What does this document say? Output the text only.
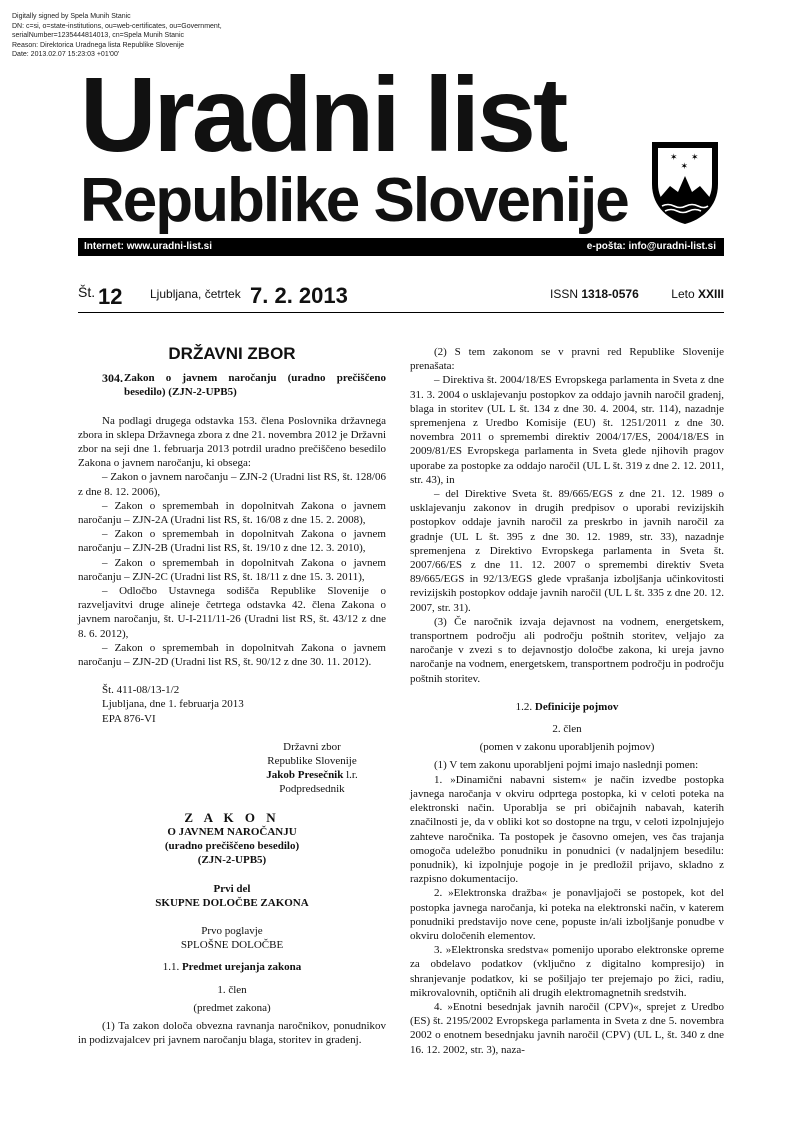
Digitally signed by Spela Munih Stanic
DN: c=si, o=state-institutions, ou=web-certificates, ou=Government,
serialNumber=1235444814013, cn=Spela Munih Stanic
Reason: Direktorica Uradnega lista Republike Slovenije
Date: 2013.02.07 15:23:03 +01'00'
Uradni list
Republike Slovenije
✶ ✶
✶
Internet: www.uradni-list.si	e-pošta: info@uradni-list.si
Št. 12 Ljubljana, četrtek 7. 2. 2013	ISSN 1318-0576	Leto XXIII
DRŽAVNI ZBOR
304. Zakon o javnem naročanju (uradno prečiščeno besedilo) (ZJN-2-UPB5)

Na podlagi drugega odstavka 153. člena Poslovnika državnega zbora in sklepa Državnega zbora z dne 21. novembra 2012 je Državni zbor na seji dne 1. februarja 2013 potrdil uradno prečiščeno besedilo Zakona o javnem naročanju, ki obsega:

– Zakon o javnem naročanju – ZJN-2 (Uradni list RS, št. 128/06 z dne 8. 12. 2006),

– Zakon o spremembah in dopolnitvah Zakona o javnem naročanju – ZJN-2A (Uradni list RS, št. 16/08 z dne 15. 2. 2008),

– Zakon o spremembah in dopolnitvah Zakona o javnem naročanju – ZJN-2B (Uradni list RS, št. 19/10 z dne 12. 3. 2010),

– Zakon o spremembah in dopolnitvah Zakona o javnem naročanju – ZJN-2C (Uradni list RS, št. 18/11 z dne 15. 3. 2011),

– Odločbo Ustavnega sodišča Republike Slovenije o razveljavitvi druge alineje četrtega odstavka 42. člena Zakona o javnem naročanju, št. U-I-211/11-26 (Uradni list RS, št. 43/12 z dne 8. 6. 2012),

– Zakon o spremembah in dopolnitvah Zakona o javnem naročanju – ZJN-2D (Uradni list RS, št. 90/12 z dne 30. 11. 2012).

Št. 411-08/13-1/2

Ljubljana, dne 1. februarja 2013

EPA 876-VI

Državni zbor

Republike Slovenije

Jakob Presečnik l.r.

Podpredsednik

Z A K O N

O JAVNEM NAROČANJU

(uradno prečiščeno besedilo)

(ZJN-2-UPB5)

Prvi del

SKUPNE DOLOČBE ZAKONA

Prvo poglavje

SPLOŠNE DOLOČBE

1.1. Predmet urejanja zakona

1. člen

(predmet zakona)

(1) Ta zakon določa obvezna ravnanja naročnikov, ponudnikov in podizvajalcev pri javnem naročanju blaga, storitev in gradenj.

(2) S tem zakonom se v pravni red Republike Slovenije prenašata:

– Direktiva št. 2004/18/ES Evropskega parlamenta in Sveta z dne 31. 3. 2004 o usklajevanju postopkov za oddajo javnih naročil gradenj, blaga in storitev (UL L št. 134 z dne 30. 4. 2004, str. 114), nazadnje spremenjena z Uredbo Komisije (EU) št. 1251/2011 z dne 30. novembra 2011 o spremembi direktiv 2004/17/ES, 2004/18/ES in 2009/81/ES Evropskega parlamenta in Sveta glede njihovih pragov uporabe za postopke za oddajo naročil (UL L št. 319 z dne 2. 12. 2011, str. 43), in

– del Direktive Sveta št. 89/665/EGS z dne 21. 12. 1989 o usklajevanju zakonov in drugih predpisov o uporabi revizijskih postopkov oddaje javnih naročil za preskrbo in javnih naročil za gradnje (UL L št. 395 z dne 30. 12. 1989, str. 33), nazadnje spremenjena z Direktivo Evropskega parlamenta in Sveta št. 2007/66/ES z dne 11. 12. 2007 o spremembi direktiv Sveta 89/665/EGS in 92/13/EGS glede vprašanja izboljšanja učinkovitosti revizijskih postopkov oddaje javnih naročil (UL L št. 335 z dne 20. 12. 2007, str. 31).

(3) Če naročnik izvaja dejavnost na vodnem, energetskem, transportnem področju ali področju poštnih storitev, veljajo za naročanje v zvezi s to dejavnostjo določbe zakona, ki ureja javno naročanje na vodnem, energetskem, transportnem področju in področju poštnih storitev.

1.2. Definicije pojmov

2. člen

(pomen v zakonu uporabljenih pojmov)

(1) V tem zakonu uporabljeni pojmi imajo naslednji pomen:

1. »Dinamični nabavni sistem« je način izvedbe postopka javnega naročanja v okviru odprtega postopka, ki v celoti poteka na elektronski način. Uporablja se pri običajnih nabavah, katerih značilnosti je, da v obliki kot so dostopne na trgu, v celoti izpolnjujejo zahteve naročnika. Ta postopek je časovno omejen, ves čas trajanja omogoča udeležbo ponudniku in ponudnici (v nadaljnjem besedilu: ponudnik), ki izpolnjuje pogoje in je predložil prijavo, skladno z razpisno dokumentacijo.

2. »Elektronska dražba« je ponavljajoči se postopek, kot del postopka javnega naročanja, ki poteka na elektronski način, v katerem ponudniki predstavijo nove cene, popuste in/ali izboljšanje ponudbe v okviru določenih elementov.

3. »Elektronska sredstva« pomenijo uporabo elektronske opreme za obdelavo podatkov (vključno z digitalno kompresijo) in shranjevanje podatkov, ki se pošiljajo ter prejemajo po žici, radiu, mikrovalovnih, optičnih ali drugih elektromagnetnih sredstvih.

4. »Enotni besednjak javnih naročil (CPV)«, sprejet z Uredbo (ES) št. 2195/2002 Evropskega parlamenta in Sveta z dne 5. novembra 2002 o enotnem besednjaku javnih naročil (CPV) (UL L, št. 340 z dne 16. 12. 2002, str. 3), naza-
